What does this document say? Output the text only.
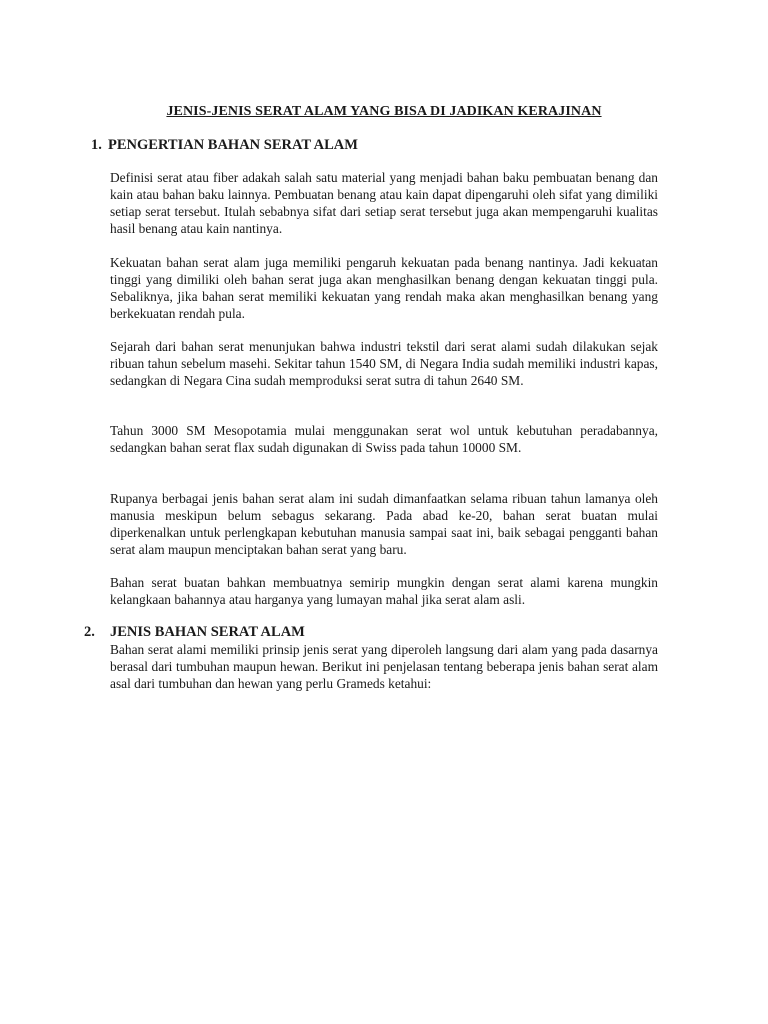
JENIS-JENIS SERAT ALAM YANG BISA DI JADIKAN KERAJINAN
1. PENGERTIAN BAHAN SERAT ALAM

Definisi serat atau fiber adakah salah satu material yang menjadi bahan baku pembuatan benang dan kain atau bahan baku lainnya. Pembuatan benang atau kain dapat dipengaruhi oleh sifat yang dimiliki setiap serat tersebut. Itulah sebabnya sifat dari setiap serat tersebut juga akan mempengaruhi kualitas hasil benang atau kain nantinya.

Kekuatan bahan serat alam juga memiliki pengaruh kekuatan pada benang nantinya. Jadi kekuatan tinggi yang dimiliki oleh bahan serat juga akan menghasilkan benang dengan kekuatan tinggi pula. Sebaliknya, jika bahan serat memiliki kekuatan yang rendah maka akan menghasilkan benang yang berkekuatan rendah pula.

Sejarah dari bahan serat menunjukan bahwa industri tekstil dari serat alami sudah dilakukan sejak ribuan tahun sebelum masehi. Sekitar tahun 1540 SM, di Negara India sudah memiliki industri kapas, sedangkan di Negara Cina sudah memproduksi serat sutra di tahun 2640 SM.

Tahun 3000 SM Mesopotamia mulai menggunakan serat wol untuk kebutuhan peradabannya, sedangkan bahan serat flax sudah digunakan di Swiss pada tahun 10000 SM.

Rupanya berbagai jenis bahan serat alam ini sudah dimanfaatkan selama ribuan tahun lamanya oleh manusia meskipun belum sebagus sekarang. Pada abad ke-20, bahan serat buatan mulai diperkenalkan untuk perlengkapan kebutuhan manusia sampai saat ini, baik sebagai pengganti bahan serat alam maupun menciptakan bahan serat yang baru.

Bahan serat buatan bahkan membuatnya semirip mungkin dengan serat alami karena mungkin kelangkaan bahannya atau harganya yang lumayan mahal jika serat alam asli.

2. JENIS BAHAN SERAT ALAM

Bahan serat alami memiliki prinsip jenis serat yang diperoleh langsung dari alam yang pada dasarnya berasal dari tumbuhan maupun hewan. Berikut ini penjelasan tentang beberapa jenis bahan serat alam asal dari tumbuhan dan hewan yang perlu Grameds ketahui:
